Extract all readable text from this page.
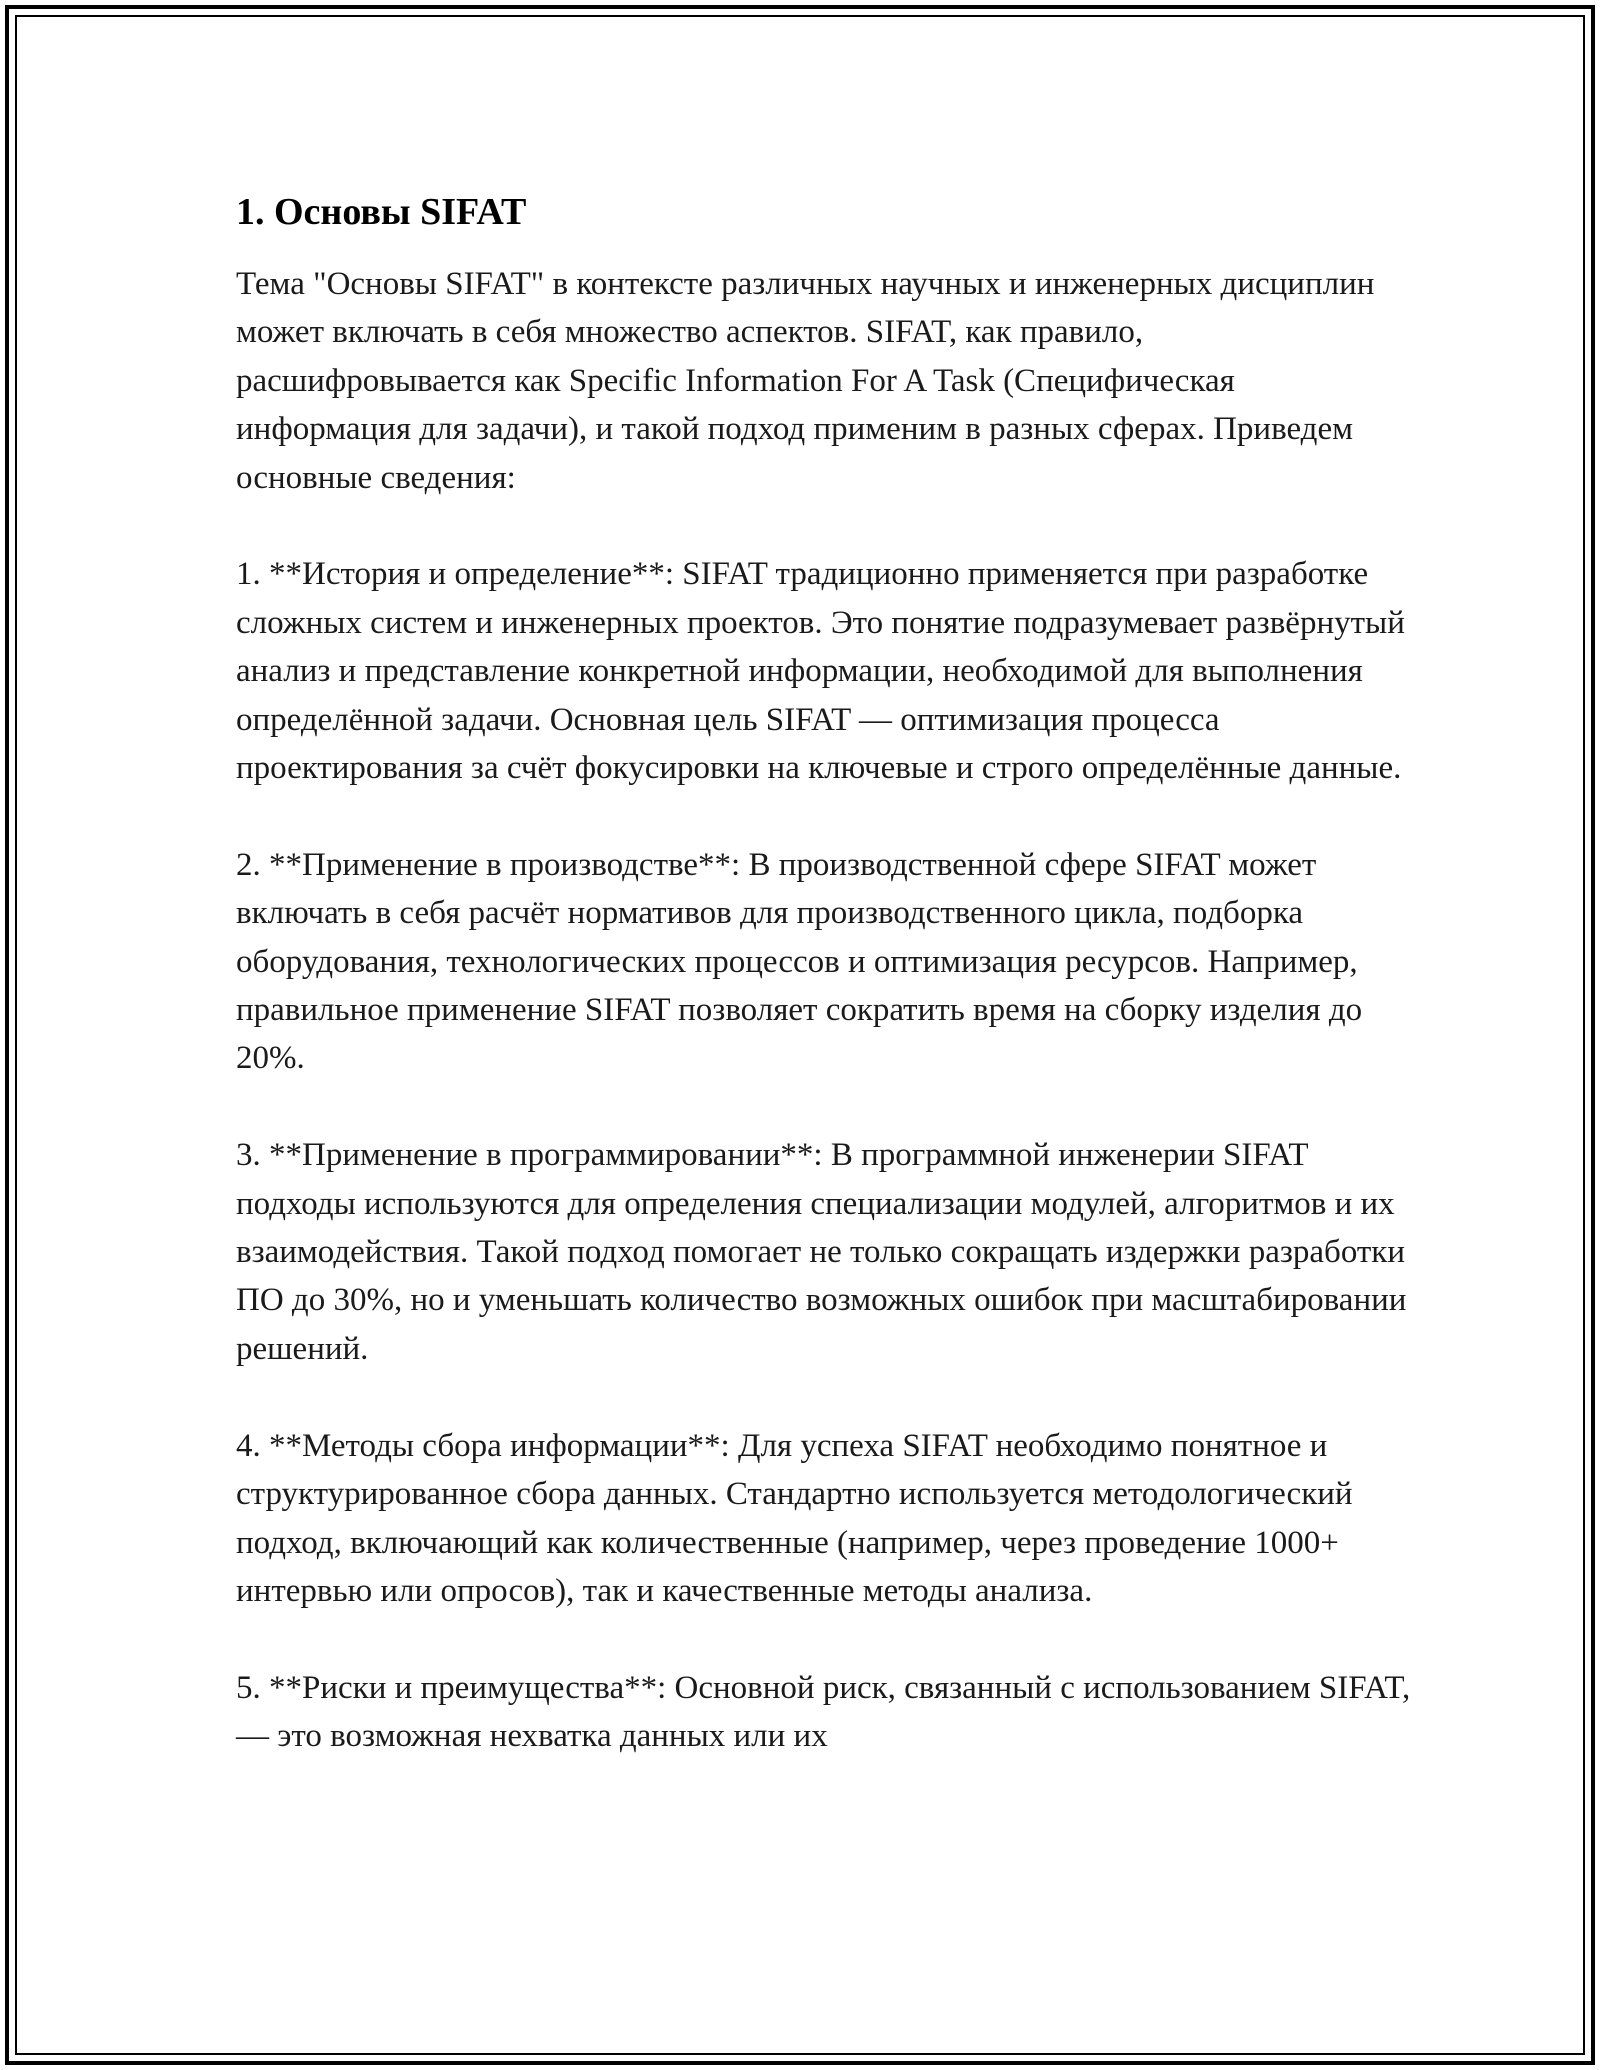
1. Основы SIFAT

Тема "Основы SIFAT" в контексте различных научных и инженерных дисциплин может включать в себя множество аспектов. SIFAT, как правило, расшифровывается как Specific Information For A Task (Специфическая информация для задачи), и такой подход применим в разных сферах. Приведем основные сведения:

1. **История и определение**: SIFAT традиционно применяется при разработке сложных систем и инженерных проектов. Это понятие подразумевает развёрнутый анализ и представление конкретной информации, необходимой для выполнения определённой задачи. Основная цель SIFAT — оптимизация процесса проектирования за счёт фокусировки на ключевые и строго определённые данные.

2. **Применение в производстве**: В производственной сфере SIFAT может включать в себя расчёт нормативов для производственного цикла, подборка оборудования, технологических процессов и оптимизация ресурсов. Например, правильное применение SIFAT позволяет сократить время на сборку изделия до 20%.

3. **Применение в программировании**: В программной инженерии SIFAT подходы используются для определения специализации модулей, алгоритмов и их взаимодействия. Такой подход помогает не только сокращать издержки разработки ПО до 30%, но и уменьшать количество возможных ошибок при масштабировании решений.

4. **Методы сбора информации**: Для успеха SIFAT необходимо понятное и структурированное сбора данных. Стандартно используется методологический подход, включающий как количественные (например, через проведение 1000+ интервью или опросов), так и качественные методы анализа.

5. **Риски и преимущества**: Основной риск, связанный с использованием SIFAT, — это возможная нехватка данных или их
